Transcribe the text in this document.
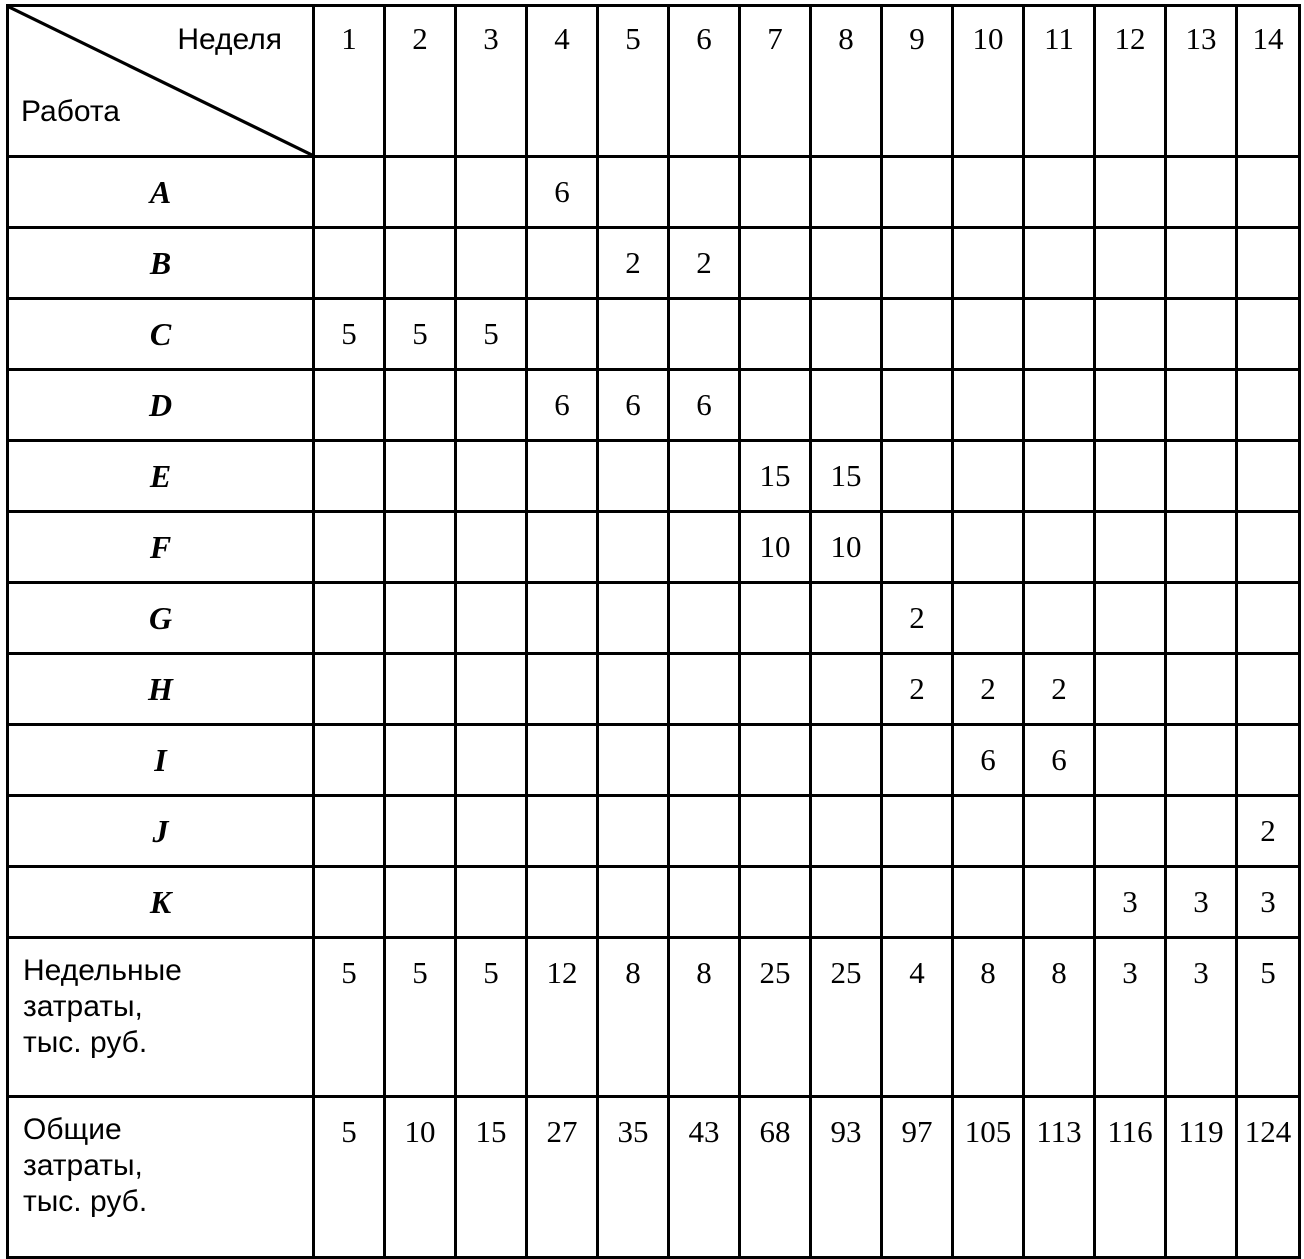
Неделя
Работа	1	2	3	4	5	6	7	8	9	10	11	12	13	14
A				6										
B					2	2								
C	5	5	5											
D				6	6	6								
E							15	15						
F							10	10						
G									2					
H									2	2	2			
I										6	6			
J														2
K												3	3	3

Недельные
затраты,
тыс. руб.	5	5	5	12	8	8	25	25	4	8	8	3	3	5

Общие
затраты,
тыс. руб.	5	10	15	27	35	43	68	93	97	105	113	116	119	124
